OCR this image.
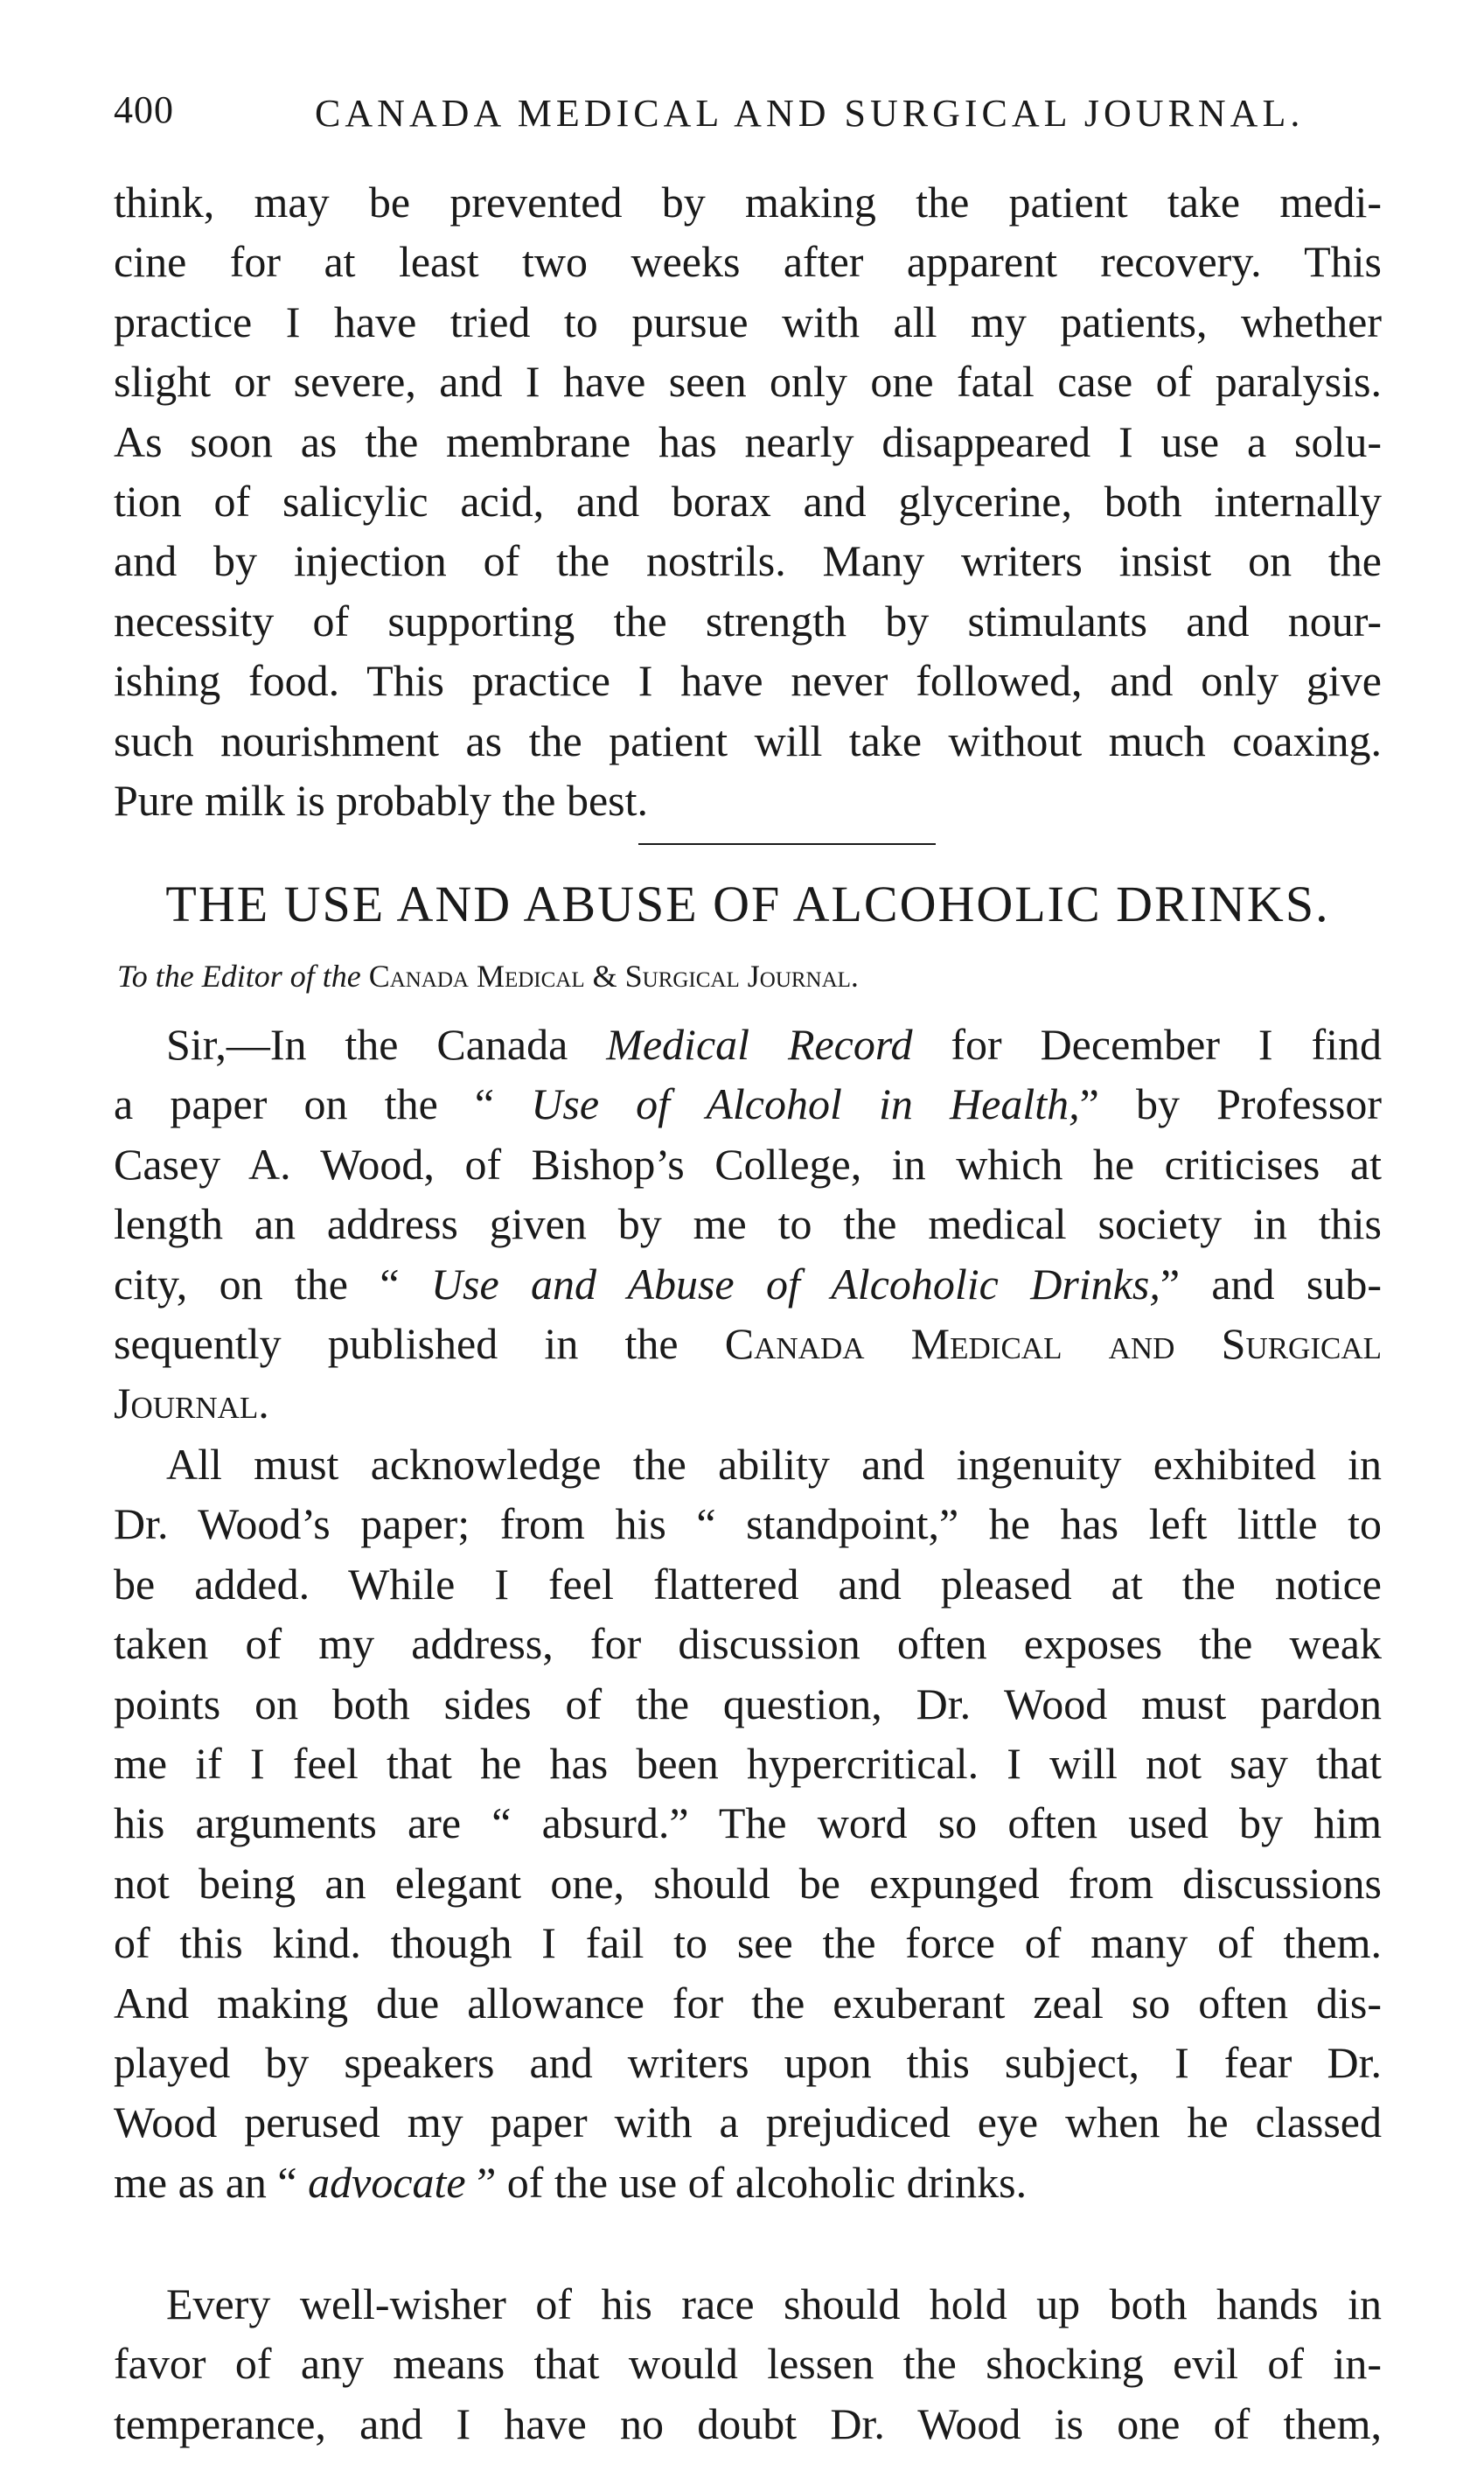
400	CANADA MEDICAL AND SURGICAL JOURNAL.
think, may be prevented by making the patient take medi-
cine for at least two weeks after apparent recovery. This
practice I have tried to pursue with all my patients, whether
slight or severe, and I have seen only one fatal case of paralysis.
As soon as the membrane has nearly disappeared I use a solu-
tion of salicylic acid, and borax and glycerine, both internally
and by injection of the nostrils. Many writers insist on the
necessity of supporting the strength by stimulants and nour-
ishing food. This practice I have never followed, and only give
such nourishment as the patient will take without much coaxing.
Pure milk is probably the best.
THE USE AND ABUSE OF ALCOHOLIC DRINKS.
To the Editor of the Canada Medical & Surgical Journal.
Sir,—In the Canada Medical Record for December I find
a paper on the “ Use of Alcohol in Health,” by Professor
Casey A. Wood, of Bishop’s College, in which he criticises at
length an address given by me to the medical society in this
city, on the “ Use and Abuse of Alcoholic Drinks,” and sub-
sequently published in the Canada Medical and Surgical
Journal.
All must acknowledge the ability and ingenuity exhibited in
Dr. Wood’s paper; from his “ standpoint,” he has left little to
be added. While I feel flattered and pleased at the notice
taken of my address, for discussion often exposes the weak
points on both sides of the question, Dr. Wood must pardon
me if I feel that he has been hypercritical. I will not say that
his arguments are “ absurd.” The word so often used by him
not being an elegant one, should be expunged from discussions
of this kind. though I fail to see the force of many of them.
And making due allowance for the exuberant zeal so often dis-
played by speakers and writers upon this subject, I fear Dr.
Wood perused my paper with a prejudiced eye when he classed
me as an “ advocate ” of the use of alcoholic drinks.
Every well-wisher of his race should hold up both hands in
favor of any means that would lessen the shocking evil of in-
temperance, and I have no doubt Dr. Wood is one of them,
